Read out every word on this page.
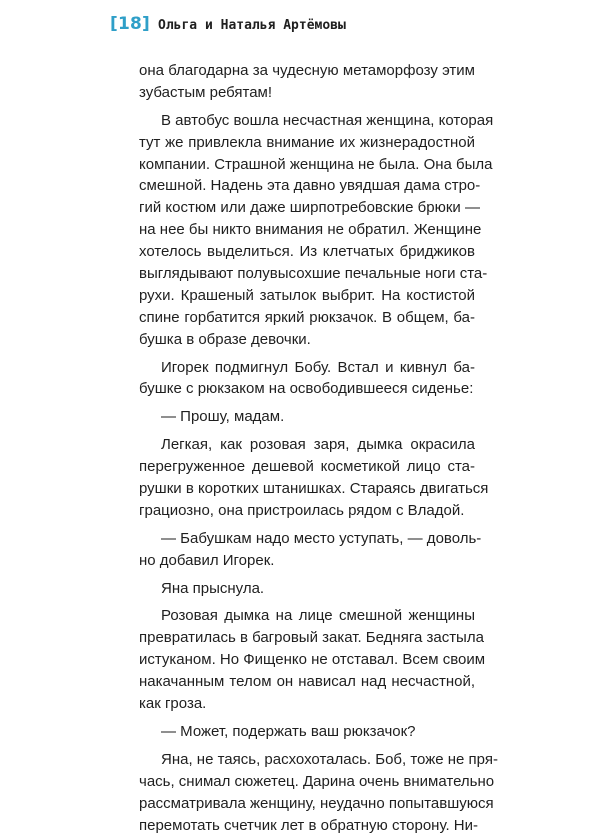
[18] Ольга и Наталья Артёмовы
она благодарна за чудесную метаморфозу этим
зубастым ребятам!
В автобус вошла несчастная женщина, которая
тут же привлекла внимание их жизнерадостной
компании. Страшной женщина не была. Она была
смешной. Надень эта давно увядшая дама стро-
гий костюм или даже ширпотребовские брюки —
на нее бы никто внимания не обратил. Женщине
хотелось выделиться. Из клетчатых бриджиков
выглядывают полувысохшие печальные ноги ста-
рухи. Крашеный затылок выбрит. На костистой
спине горбатится яркий рюкзачок. В общем, ба-
бушка в образе девочки.
Игорек подмигнул Бобу. Встал и кивнул ба-
бушке с рюкзаком на освободившееся сиденье:
— Прошу, мадам.
Легкая, как розовая заря, дымка окрасила
перегруженное дешевой косметикой лицо ста-
рушки в коротких штанишках. Стараясь двигаться
грациозно, она пристроилась рядом с Владой.
— Бабушкам надо место уступать, — доволь-
но добавил Игорек.
Яна прыснула.
Розовая дымка на лице смешной женщины
превратилась в багровый закат. Бедняга застыла
истуканом. Но Фищенко не отставал. Всем своим
накачанным телом он нависал над несчастной,
как гроза.
— Может, подержать ваш рюкзачок?
Яна, не таясь, расхохоталась. Боб, тоже не пря-
чась, снимал сюжетец. Дарина очень внимательно
рассматривала женщину, неудачно попытавшуюся
перемотать счетчик лет в обратную сторону. Ни-
